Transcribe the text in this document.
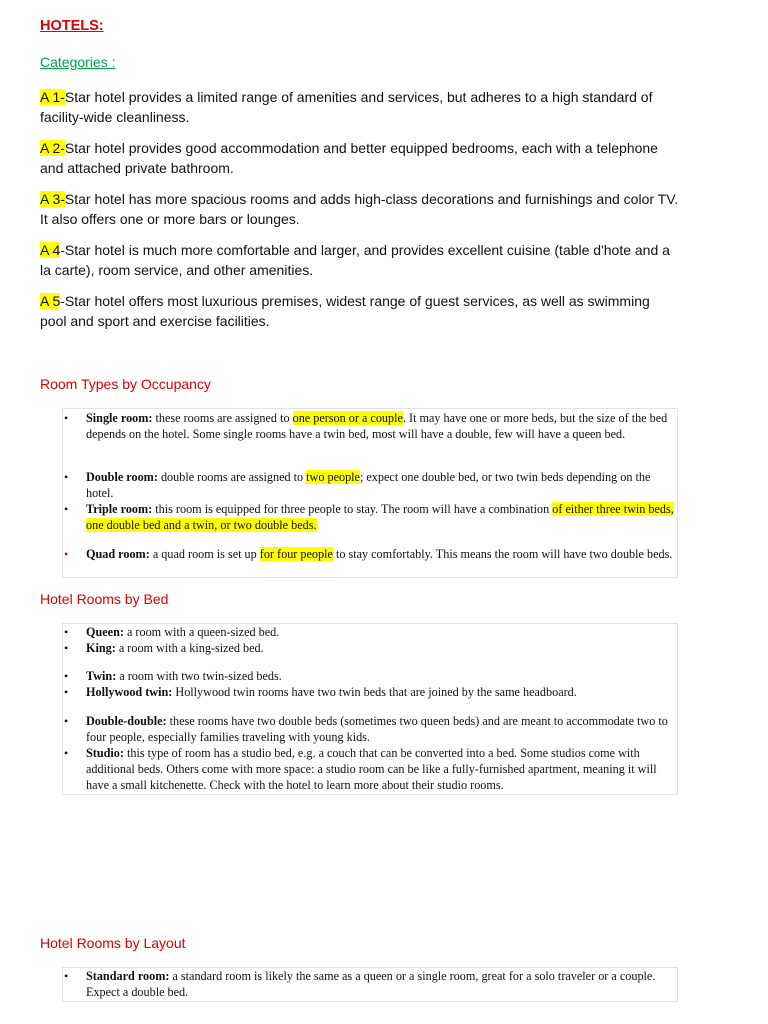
HOTELS:
Categories :
A 1-Star hotel provides a limited range of amenities and services, but adheres to a high standard of facility-wide cleanliness.
A 2-Star hotel provides good accommodation and better equipped bedrooms, each with a telephone and attached private bathroom.
A 3-Star hotel has more spacious rooms and adds high-class decorations and furnishings and color TV. It also offers one or more bars or lounges.
A 4-Star hotel is much more comfortable and larger, and provides excellent cuisine (table d'hote and a la carte), room service, and other amenities.
A 5-Star hotel offers most luxurious premises, widest range of guest services, as well as swimming pool and sport and exercise facilities.
Room Types by Occupancy
•	Single room: these rooms are assigned to one person or a couple. It may have one or more beds, but the size of the bed depends on the hotel. Some single rooms have a twin bed, most will have a double, few will have a queen bed.
•	Double room: double rooms are assigned to two people; expect one double bed, or two twin beds depending on the hotel.
•	Triple room: this room is equipped for three people to stay. The room will have a combination of either three twin beds, one double bed and a twin, or two double beds.
•	Quad room: a quad room is set up for four people to stay comfortably. This means the room will have two double beds.
Hotel Rooms by Bed
•	Queen: a room with a queen-sized bed.
•	King: a room with a king-sized bed.
•	Twin: a room with two twin-sized beds.
•	Hollywood twin: Hollywood twin rooms have two twin beds that are joined by the same headboard.
•	Double-double: these rooms have two double beds (sometimes two queen beds) and are meant to accommodate two to four people, especially families traveling with young kids.
•	Studio: this type of room has a studio bed, e.g. a couch that can be converted into a bed. Some studios come with additional beds. Others come with more space: a studio room can be like a fully-furnished apartment, meaning it will have a small kitchenette. Check with the hotel to learn more about their studio rooms.
Hotel Rooms by Layout
•	Standard room: a standard room is likely the same as a queen or a single room, great for a solo traveler or a couple. Expect a double bed.
